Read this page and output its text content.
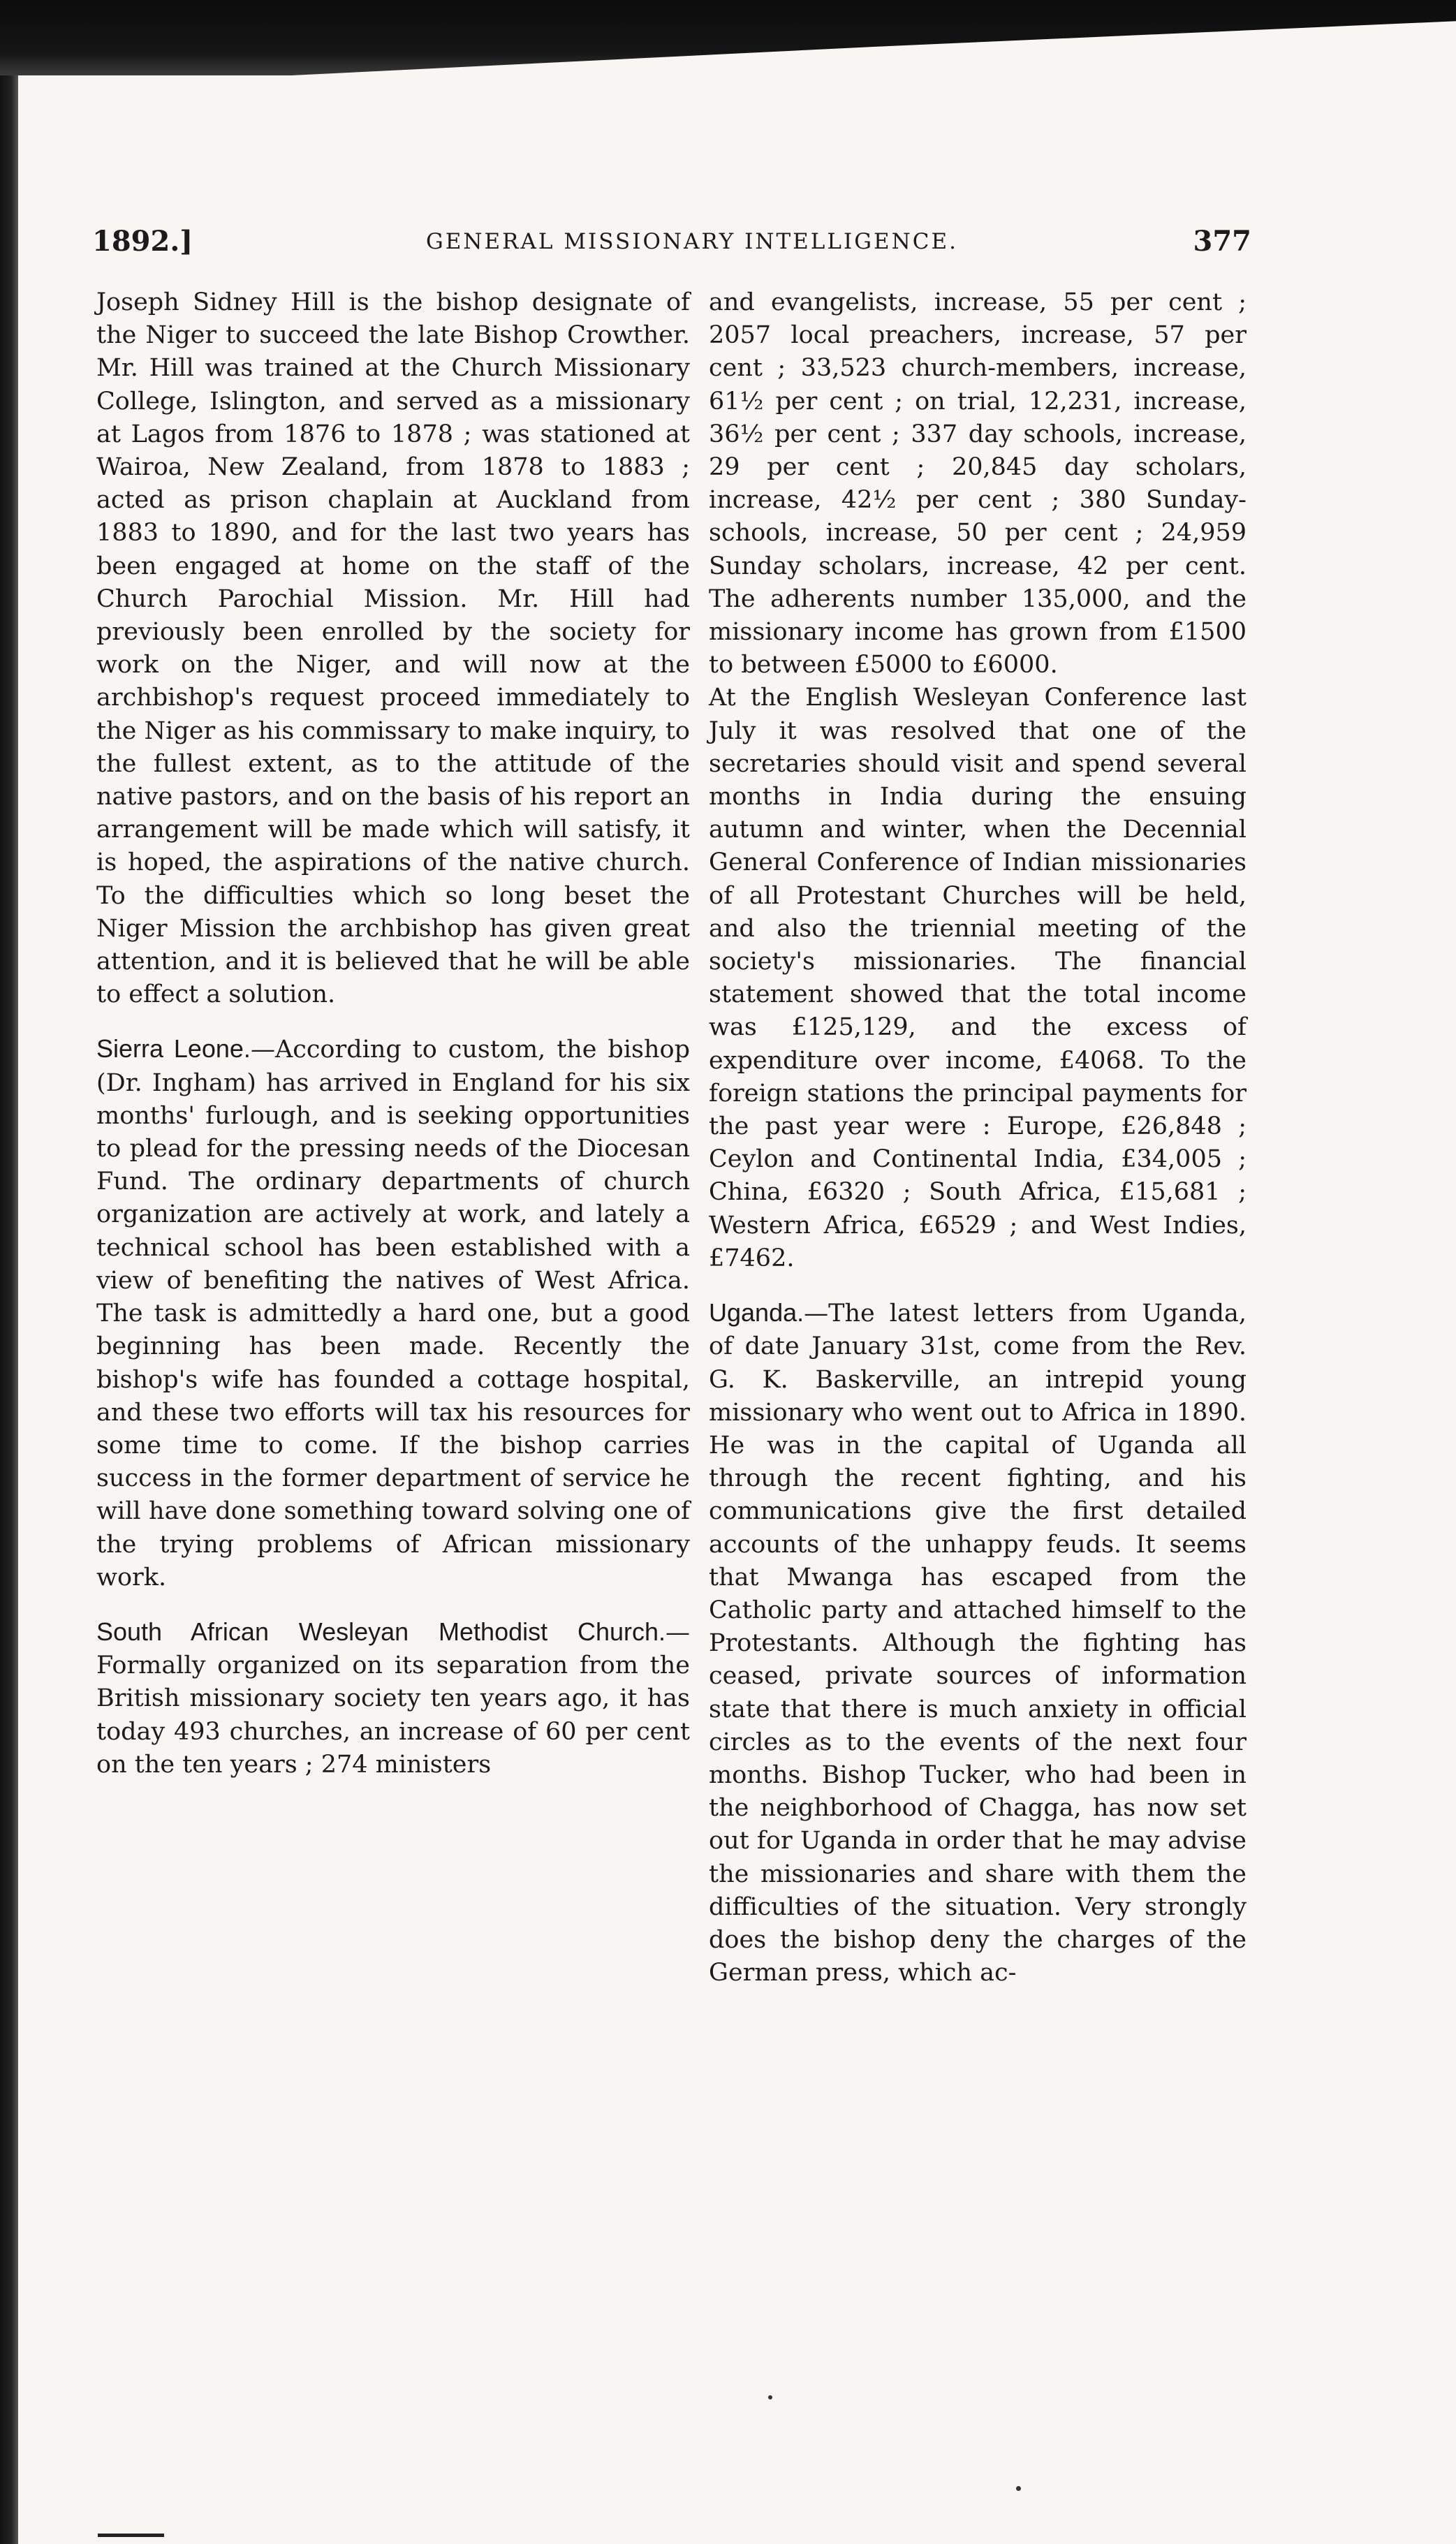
1892.]	GENERAL MISSIONARY INTELLIGENCE.	377

Joseph Sidney Hill is the bishop designate of the Niger to succeed the late Bishop Crowther. Mr. Hill was trained at the Church Missionary College, Islington, and served as a missionary at Lagos from 1876 to 1878 ; was stationed at Wairoa, New Zealand, from 1878 to 1883 ; acted as prison chaplain at Auckland from 1883 to 1890, and for the last two years has been engaged at home on the staff of the Church Parochial Mission. Mr. Hill had previously been enrolled by the society for work on the Niger, and will now at the archbishop's request proceed immediately to the Niger as his commissary to make inquiry, to the fullest extent, as to the attitude of the native pastors, and on the basis of his report an arrangement will be made which will satisfy, it is hoped, the aspirations of the native church. To the difficulties which so long beset the Niger Mission the archbishop has given great attention, and it is believed that he will be able to effect a solution.

Sierra Leone.—According to custom, the bishop (Dr. Ingham) has arrived in England for his six months' furlough, and is seeking opportunities to plead for the pressing needs of the Diocesan Fund. The ordinary departments of church organization are actively at work, and lately a technical school has been established with a view of benefiting the natives of West Africa. The task is admittedly a hard one, but a good beginning has been made. Recently the bishop's wife has founded a cottage hospital, and these two efforts will tax his resources for some time to come. If the bishop carries success in the former department of service he will have done something toward solving one of the trying problems of African missionary work.

South African Wesleyan Methodist Church.—Formally organized on its separation from the British missionary society ten years ago, it has today 493 churches, an increase of 60 per cent on the ten years ; 274 ministers

and evangelists, increase, 55 per cent ; 2057 local preachers, increase, 57 per cent ; 33,523 church-members, increase, 61½ per cent ; on trial, 12,231, increase, 36½ per cent ; 337 day schools, increase, 29 per cent ; 20,845 day scholars, increase, 42½ per cent ; 380 Sunday-schools, increase, 50 per cent ; 24,959 Sunday scholars, increase, 42 per cent. The adherents number 135,000, and the missionary income has grown from £1500 to between £5000 to £6000.

At the English Wesleyan Conference last July it was resolved that one of the secretaries should visit and spend several months in India during the ensuing autumn and winter, when the Decennial General Conference of Indian missionaries of all Protestant Churches will be held, and also the triennial meeting of the society's missionaries. The financial statement showed that the total income was £125,129, and the excess of expenditure over income, £4068. To the foreign stations the principal payments for the past year were : Europe, £26,848 ; Ceylon and Continental India, £34,005 ; China, £6320 ; South Africa, £15,681 ; Western Africa, £6529 ; and West Indies, £7462.

Uganda.—The latest letters from Uganda, of date January 31st, come from the Rev. G. K. Baskerville, an intrepid young missionary who went out to Africa in 1890. He was in the capital of Uganda all through the recent fighting, and his communications give the first detailed accounts of the unhappy feuds. It seems that Mwanga has escaped from the Catholic party and attached himself to the Protestants. Although the fighting has ceased, private sources of information state that there is much anxiety in official circles as to the events of the next four months. Bishop Tucker, who had been in the neighborhood of Chagga, has now set out for Uganda in order that he may advise the missionaries and share with them the difficulties of the situation. Very strongly does the bishop deny the charges of the German press, which ac-
